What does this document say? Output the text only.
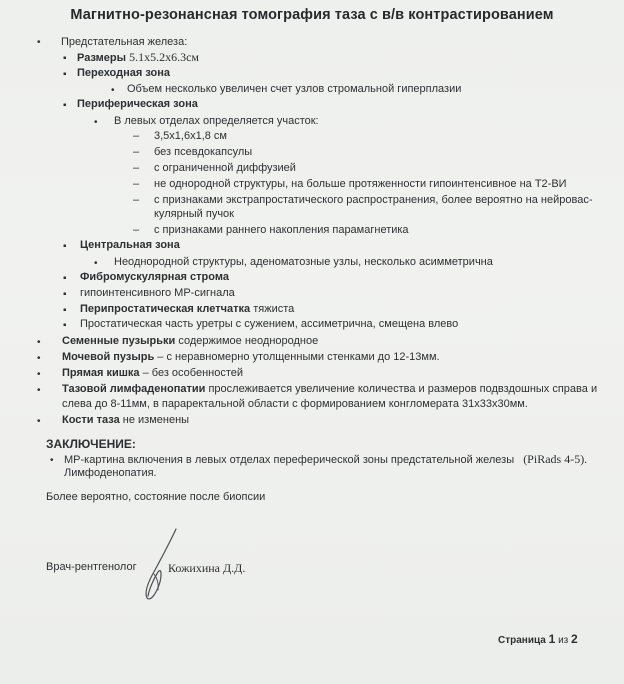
Магнитно-резонансная томография таза с в/в контрастированием
• Предстательная железа:
▪ Размеры 5.1х5.2х6.3см
▪ Переходная зона
• Объем несколько увеличен счет узлов стромальной гиперплазии
▪ Периферическая зона
• В левых отделах определяется участок:
– 3,5х1,6х1,8 см
– без псевдокапсулы
– с ограниченной диффузией
– не однородной структуры, на больше протяженности гипоинтенсивное на Т2-ВИ
– с признаками экстрапростатического распространения, более вероятно на нейровас-
кулярный пучок
– с признаками раннего накопления парамагнетика
▪ Центральная зона
• Неоднородной структуры, аденоматозные узлы, несколько асимметрична
▪ Фибромускулярная строма
▪ гипоинтенсивного МР-сигнала
▪ Перипростатическая клетчатка тяжиста
▪ Простатическая часть уретры с сужением, ассиметрична, смещена влево
• Семенные пузырьки содержимое неоднородное
• Мочевой пузырь – с неравномерно утолщенными стенками до 12-13мм.
• Прямая кишка – без особенностей
• Тазовой лимфаденопатии прослеживается увеличение количества и размеров подвздошных справа и
слева до 8-11мм, в параректальной области с формированием конгломерата 31х33х30мм.
• Кости таза не изменены
ЗАКЛЮЧЕНИЕ:
• МР-картина включения в левых отделах переферической зоны предстательной железы (PiRads 4-5).
Лимфоденопатия.
Более вероятно, состояние после биопсии
Врач-рентгенолог	Кожихина Д.Д.
Страница 1 из 2
